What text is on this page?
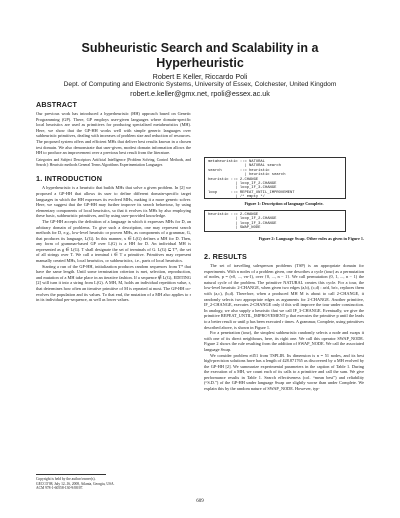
Subheuristic Search and Scalability in a
Hyperheuristic
Robert E Keller, Riccardo Poli
Dept. of Computing and Electronic Systems, University of Essex, Colchester, United Kingdom
robert.e.keller@gmx.net, rpoli@essex.ac.uk
ABSTRACT

Our previous work has introduced a hyperheuristic (HH) approach based on Genetic Programming (GP). There, GP employs user-given languages where domain-specific local heuristics are used as primitives for producing specialised metaheuristics (MH). Here, we show that the GP-HH works well with simple generic languages over subheuristic primitives, dealing with increases of problem size and reduction of resources. The proposed system offers and efficient MHs that deliver best results known in a chosen test domain. We also demonstrate that user-given, modest domain information allows the HH to produce an improvement over a previous best result from the literature.

Categories and Subject Descriptors Artificial Intelligence [Problem Solving, Control Methods, and Search]: Heuristic methods General Terms Algorithms Experimentation Languages

1. INTRODUCTION

A hyperheuristic is a heuristic that builds MHs that solve a given problem. In [2] we proposed a GP-HH that allows its user to define different domain-specific target languages in which the HH expresses its evolved MHs, making it a more generic solver. Here, we suggest that the GP-HH may further improve its search behaviour, by using elementary components of local heuristics, so that it evolves its MHs by also employing these basic, subheuristic primitives, and by using user-provided knowledge.

The GP-HH accepts the definition of a language in which it expresses MHs for D, an arbitrary domain of problems. To give such a description, one may represent search methods for D, e.g., low-level heuristic or proven MHs, as components of a grammar, G, that produces its language, L(G). In this manner, x ∈ L(G) defines a MH for D. Then, any form of grammar-based GP over L(G) is a HH for D. An individual MH is represented as g ∈ L(G). T shall designate the set of terminals of G. L(G) ⊆ T*, the set of all strings over T. We call a terminal t ∈ T a primitive. Primitives may represent manually created MHs, local heuristics, or subheuristics, i.e., parts of local heuristics.

Starting a run of the GP-HH, initialization produces random sequences from T* that have the same length. Until some termination criterion is met, selection, reproduction, and mutation of a MH take place in an iterative fashion. If a sequence ∉ L(G), EDITING [2] will turn it into a string from L(G). A MH, M, holds an individual repetition value, r, that determines how often an iterative primitive of M is repeated at most. The GP-HH co-evolves the population and its values. To that end, the mutation of a MH also applies to r in its individual per-sequence, as well as lower values.

Copyright is held by the author/owner(s).
GECCO'08, July 12–16, 2008, Atlanta, Georgia, USA.
ACM 978-1-60558-130-9/08/07.
metaheuristic ::= NATURAL
| NATURAL search
search        ::= heuristic
| heuristic search
heuristic ::= 2-CHANGE
| loop_IF_2-CHANGE
| loop_IF_3-CHANGE
loop      ::= REPEAT_UNTIL_IMPROVEMENT
| /* empty */
Figure 1: Description of language Complete.
heuristic ::= 2-CHANGE
| loop_IF_2-CHANGE
| loop_IF_3-CHANGE
| SWAP_NODE
Figure 2: Language Swap. Other rules as given in Figure 1.
2. RESULTS

The set of travelling salesperson problems (TSP) is an appropriate domain for experiments. With n nodes of a problem given, one describes a cycle (tour) as a permutation of nodes, p = (v0, ..., vn-1), over {0, ..., n − 1}. We call permutation (0, 1, ..., n − 1) the natural cycle of the problem. The primitive NATURAL creates this cycle. For a tour, the low-level heuristic 2-CHANGE, when given two edges (a,b), (c,d) : a≠d, b≠c, replaces them with (a,c), (b,d). Therefore, when a produced MH M is about to call 2-CHANGE, it randomly selects two appropriate edges as arguments for 2-CHANGE. Another primitive, IF_2-CHANGE, executes 2-CHANGE only if this will improve the tour under construction. In analogy, we also supply a heuristic that we call IF_3-CHANGE. Eventually, we give the primitive REPEAT_UNTIL_IMPROVEMENT p that executes the primitive p until the leads to a better result or until p has been executed r times. A grammar, Complete, using primitives described above, is shown in Figure 1.

For a penetration (tour), the simplest subheuristic randomly selects a node and swaps it with one of its direct neighbours, here, its right one. We call this operator SWAP_NODE. Figure 2 shows the rule resulting from the addition of SWAP_NODE. We call the associated language Swap.

We consider problem eil51 from TSPLIB. Its dimension is n = 51 nodes, and its best high-precision solutions have has a length of 428.871765 as discovered by a MH evolved by the GP-HH [2]. We summarize experimental parameters in the caption of Table 1. During the execution of a MH, we count each of its calls to a primitive and call the sum. We give performance results in Table 1. Search effectiveness (col. “mean best”) and reliability (“S.D.”) of the GP-HH under language Swap are slightly worse than under Complete. We explain this by the random nature of SWAP_NODE. However, typ-

609
